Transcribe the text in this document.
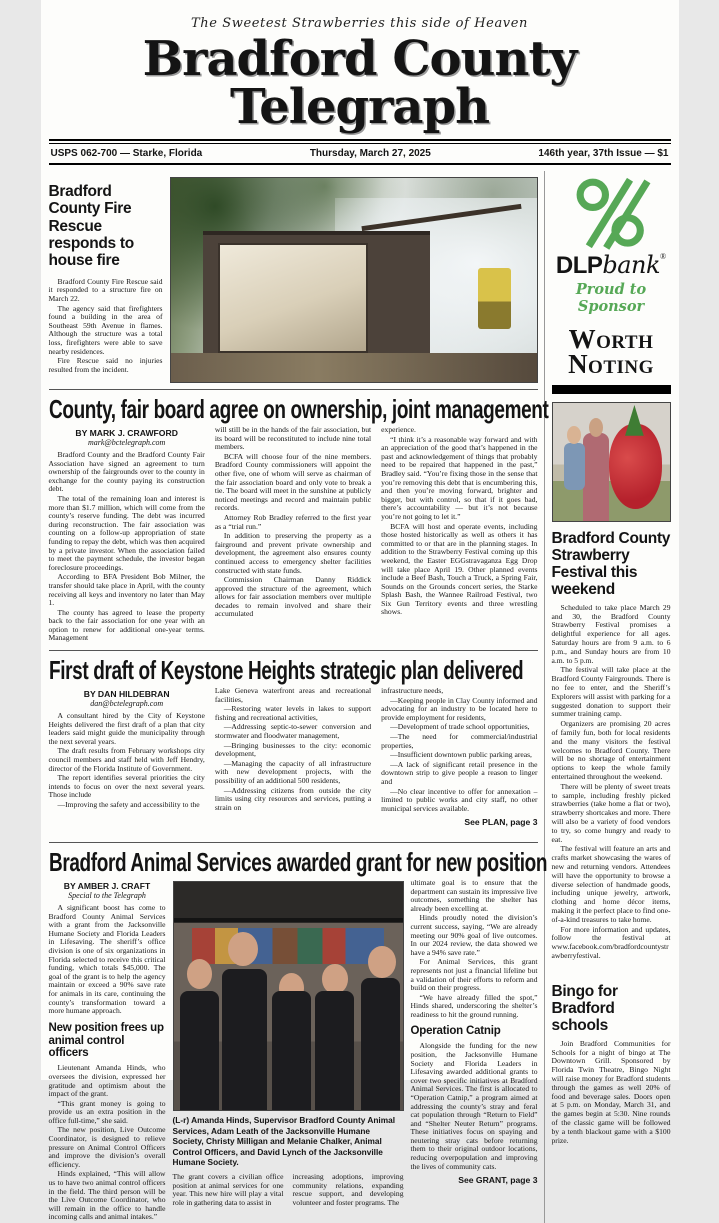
The Sweetest Strawberries this side of Heaven
Bradford County Telegraph
USPS 062-700 — Starke, Florida	Thursday, March 27, 2025	146th year, 37th Issue — $1
Bradford County Fire Rescue responds to house fire

Bradford County Fire Rescue said it responded to a structure fire on March 22.

The agency said that firefighters found a building in the area of Southeast 59th Avenue in flames. Although the structure was a total loss, firefighters were able to save nearby residences.

Fire Rescue said no injuries resulted from the incident.

County, fair board agree on ownership, joint management
BY MARK J. CRAWFORD
mark@bctelegraph.com

Bradford County and the Bradford County Fair Association have signed an agreement to turn ownership of the fairgrounds over to the county in exchange for the county paying its construction debt.

The total of the remaining loan and interest is more than $1.7 million, which will come from the county’s reserve funding. The debt was incurred during reconstruction. The fair association was counting on a follow-up appropriation of state funding to repay the debt, which was then acquired by a private investor. When the association failed to meet the payment schedule, the investor began foreclosure proceedings.

According to BFA President Bob Milner, the transfer should take place in April, with the county receiving all keys and inventory no later than May 1.

The county has agreed to lease the property back to the fair association for one year with an option to renew for additional one-year terms. Management

will still be in the hands of the fair association, but its board will be reconstituted to include nine total members.

BCFA will choose four of the nine members. Bradford County commissioners will appoint the other five, one of whom will serve as chairman of the fair association board and only vote to break a tie. The board will meet in the sunshine at publicly noticed meetings and record and maintain public records.

Attorney Rob Bradley referred to the first year as a “trial run.”

In addition to preserving the property as a fairground and prevent private ownership and development, the agreement also ensures county continued access to emergency shelter facilities constructed with state funds.

Commission Chairman Danny Riddick approved the structure of the agreement, which allows for fair association members over multiple decades to remain involved and share their accumulated

experience.

“I think it’s a reasonable way forward and with an appreciation of the good that’s happened in the past and acknowledgement of things that probably need to be repaired that happened in the past,” Bradley said. “You’re fixing those in the sense that you’re removing this debt that is encumbering this, and then you’re moving forward, brighter and bigger, but with control, so that if it goes bad, there’s accountability — but it’s not because you’re not going to let it.”

BCFA will host and operate events, including those hosted historically as well as others it has committed to or that are in the planning stages. In addition to the Strawberry Festival coming up this weekend, the Easter EGGstravaganza Egg Drop will take place April 19. Other planned events include a Beef Bash, Touch a Truck, a Spring Fair, Sounds on the Grounds concert series, the Starke Splash Bash, the Wannee Railroad Festival, two Six Gun Territory events and three wrestling shows.

First draft of Keystone Heights strategic plan delivered
BY DAN HILDEBRAN
dan@bctelegraph.com

A consultant hired by the City of Keystone Heights delivered the first draft of a plan that city leaders said might guide the municipality through the next several years.

The draft results from February workshops city council members and staff held with Jeff Hendry, director of the Florida Institute of Government.

The report identifies several priorities the city intends to focus on over the next several years. Those include

—Improving the safety and accessibility to the

Lake Geneva waterfront areas and recreational facilities,

—Restoring water levels in lakes to support fishing and recreational activities,

—Addressing septic-to-sewer conversion and stormwater and floodwater management,

—Bringing businesses to the city: economic development,

—Managing the capacity of all infrastructure with new development projects, with the possibility of an additional 500 residents,

—Addressing citizens from outside the city limits using city resources and services, putting a strain on

infrastructure needs,

—Keeping people in Clay County informed and advocating for an industry to be located here to provide employment for residents,

—Development of trade school opportunities,

—The need for commercial/industrial properties,

—Insufficient downtown public parking areas,

—A lack of significant retail presence in the downtown strip to give people a reason to linger and

—No clear incentive to offer for annexation – limited to public works and city staff, no other municipal services available.

See PLAN, page 3

Bradford Animal Services awarded grant for new position
BY AMBER J. CRAFT
Special to the Telegraph

A significant boost has come to Bradford County Animal Services with a grant from the Jacksonville Humane Society and Florida Leaders in Lifesaving. The sheriff’s office division is one of six organizations in Florida selected to receive this critical funding, which totals $45,000. The goal of the grant is to help the agency maintain or exceed a 90% save rate for animals in its care, continuing the county’s transformation toward a more humane approach.

New position frees up animal control officers

Lieutenant Amanda Hinds, who oversees the division, expressed her gratitude and optimism about the impact of the grant.

“This grant money is going to provide us an extra position in the office full-time,” she said.

The new position, Live Outcome Coordinator, is designed to relieve pressure on Animal Control Officers and improve the division’s overall efficiency.

Hinds explained, “This will allow us to have two animal control officers in the field. The third person will be the Live Outcome Coordinator, who will remain in the office to handle incoming calls and animal intakes.”

(L-r) Amanda Hinds, Supervisor Bradford County Animal Services, Adam Leath of the Jacksonville Humane Society, Christy Milligan and Melanie Chalker, Animal Control Officers, and David Lynch of the Jacksonville Humane Society.

The grant covers a civilian office position at animal services for one year. This new hire will play a vital role in gathering data to assist in

increasing adoptions, improving community relations, expanding rescue support, and developing volunteer and foster programs. The

ultimate goal is to ensure that the department can sustain its impressive live outcomes, something the shelter has already been excelling at.

Hinds proudly noted the division’s current success, saying, “We are already meeting our 90% goal of live outcomes. In our 2024 review, the data showed we have a 94% save rate.”

For Animal Services, this grant represents not just a financial lifeline but a validation of their efforts to reform and build on their progress.

“We have already filled the spot,” Hinds shared, underscoring the shelter’s readiness to hit the ground running.

Operation Catnip

Alongside the funding for the new position, the Jacksonville Humane Society and Florida Leaders in Lifesaving awarded additional grants to cover two specific initiatives at Bradford Animal Services. The first is allocated to “Operation Catnip,” a program aimed at addressing the county’s stray and feral cat population through “Return to Field” and “Shelter Neuter Return” programs. These initiatives focus on spaying and neutering stray cats before returning them to their original outdoor locations, reducing overpopulation and improving the lives of community cats.

See GRANT, page 3

DLPbank®
Proud to Sponsor
Worth
Noting
Bradford County Strawberry Festival this weekend

Scheduled to take place March 29 and 30, the Bradford County Strawberry Festival promises a delightful experience for all ages. Saturday hours are from 9 a.m. to 6 p.m., and Sunday hours are from 10 a.m. to 5 p.m.

The festival will take place at the Bradford County Fairgrounds. There is no fee to enter, and the Sheriff’s Explorers will assist with parking for a suggested donation to support their summer training camp.

Organizers are promising 20 acres of family fun, both for local residents and the many visitors the festival welcomes to Bradford County. There will be no shortage of entertainment options to keep the whole family entertained throughout the weekend.

There will be plenty of sweet treats to sample, including freshly picked strawberries (take home a flat or two), strawberry shortcakes and more. There will also be a variety of food vendors to try, so come hungry and ready to eat.

The festival will feature an arts and crafts market showcasing the wares of new and returning vendors. Attendees will have the opportunity to browse a diverse selection of handmade goods, including unique jewelry, artwork, clothing and home décor items, making it the perfect place to find one-of-a-kind treasures to take home.

For more information and updates, follow the festival at www.facebook.com/bradfordcountystrawberryfestival.

Bingo for Bradford schools

Join Bradford Communities for Schools for a night of bingo at The Downtown Grill. Sponsored by Florida Twin Theatre, Bingo Night will raise money for Bradford students through the games as well 20% of food and beverage sales. Doors open at 5 p.m. on Monday, March 31, and the games begin at 5:30. Nine rounds of the classic game will be followed by a tenth blackout game with a $100 prize.
